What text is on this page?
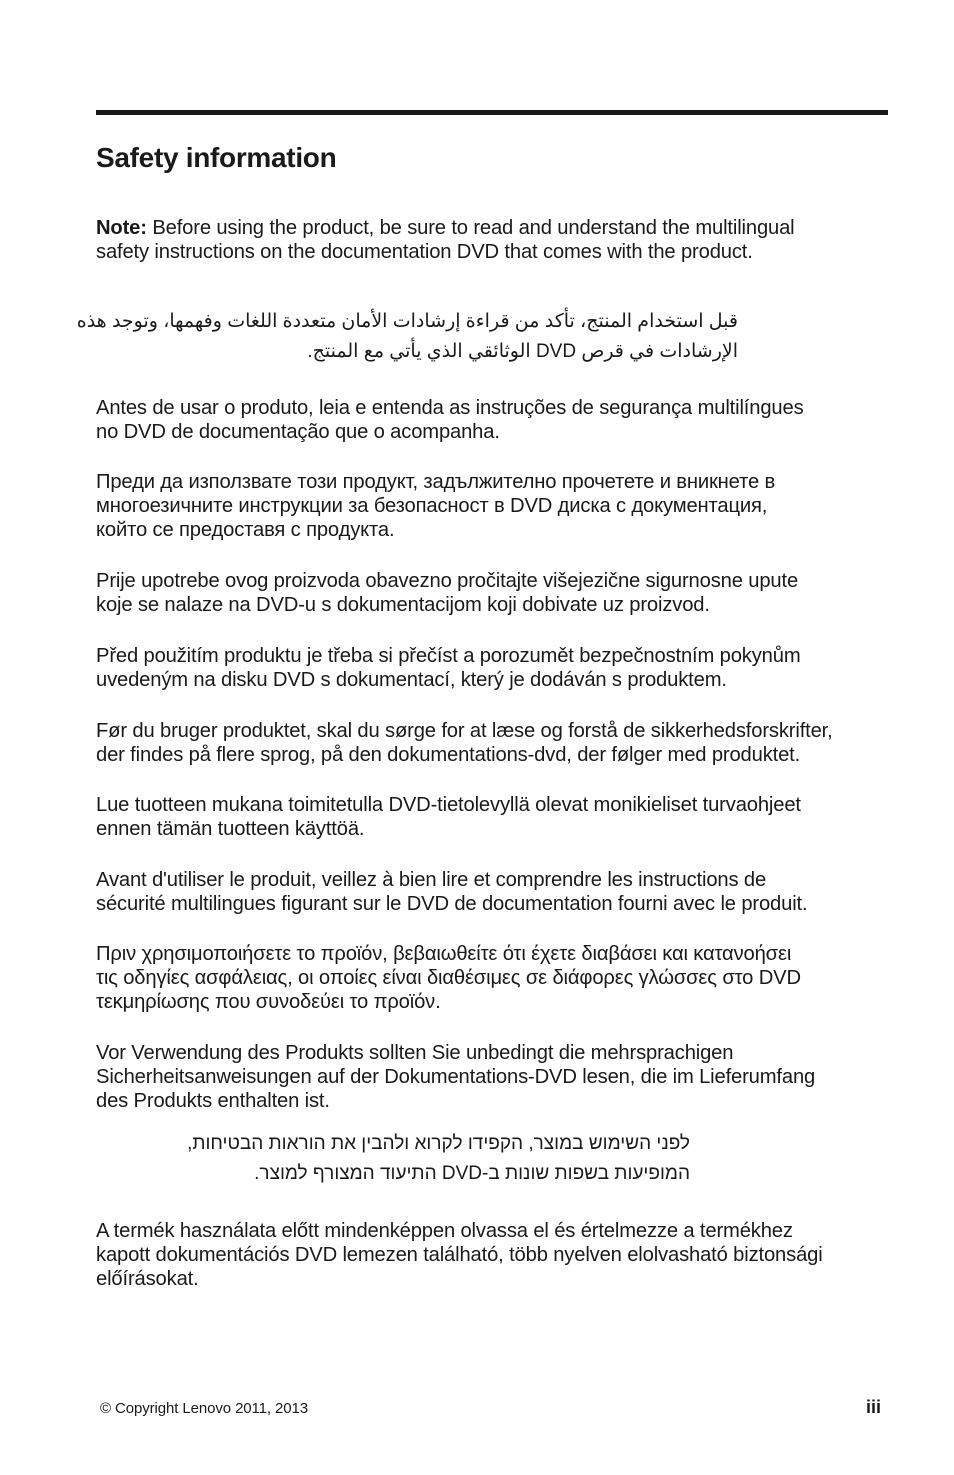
Safety information

Note: Before using the product, be sure to read and understand the multilingual
safety instructions on the documentation DVD that comes with the product.

قبل استخدام المنتج، تأكد من قراءة إرشادات الأمان متعددة اللغات وفهمها، وتوجد هذه
الإرشادات في قرص DVD الوثائقي الذي يأتي مع المنتج.

Antes de usar o produto, leia e entenda as instruções de segurança multilíngues
no DVD de documentação que o acompanha.

Преди да използвате този продукт, задължително прочетете и вникнете в
многоезичните инструкции за безопасност в DVD диска с документация,
който се предоставя с продукта.

Prije upotrebe ovog proizvoda obavezno pročitajte višejezične sigurnosne upute
koje se nalaze na DVD-u s dokumentacijom koji dobivate uz proizvod.

Před použitím produktu je třeba si přečíst a porozumět bezpečnostním pokynům
uvedeným na disku DVD s dokumentací, který je dodáván s produktem.

Før du bruger produktet, skal du sørge for at læse og forstå de sikkerhedsforskrifter,
der findes på flere sprog, på den dokumentations-dvd, der følger med produktet.

Lue tuotteen mukana toimitetulla DVD-tietolevyllä olevat monikieliset turvaohjeet
ennen tämän tuotteen käyttöä.

Avant d'utiliser le produit, veillez à bien lire et comprendre les instructions de
sécurité multilingues figurant sur le DVD de documentation fourni avec le produit.

Πριν χρησιμοποιήσετε το προϊόν, βεβαιωθείτε ότι έχετε διαβάσει και κατανοήσει
τις οδηγίες ασφάλειας, οι οποίες είναι διαθέσιμες σε διάφορες γλώσσες στο DVD
τεκμηρίωσης που συνοδεύει το προϊόν.

Vor Verwendung des Produkts sollten Sie unbedingt die mehrsprachigen
Sicherheitsanweisungen auf der Dokumentations-DVD lesen, die im Lieferumfang
des Produkts enthalten ist.

לפני השימוש במוצר, הקפידו לקרוא ולהבין את הוראות הבטיחות,
המופיעות בשפות שונות ב-DVD התיעוד המצורף למוצר.

A termék használata előtt mindenképpen olvassa el és értelmezze a termékhez
kapott dokumentációs DVD lemezen található, több nyelven elolvasható biztonsági
előírásokat.

© Copyright Lenovo 2011, 2013	iii
